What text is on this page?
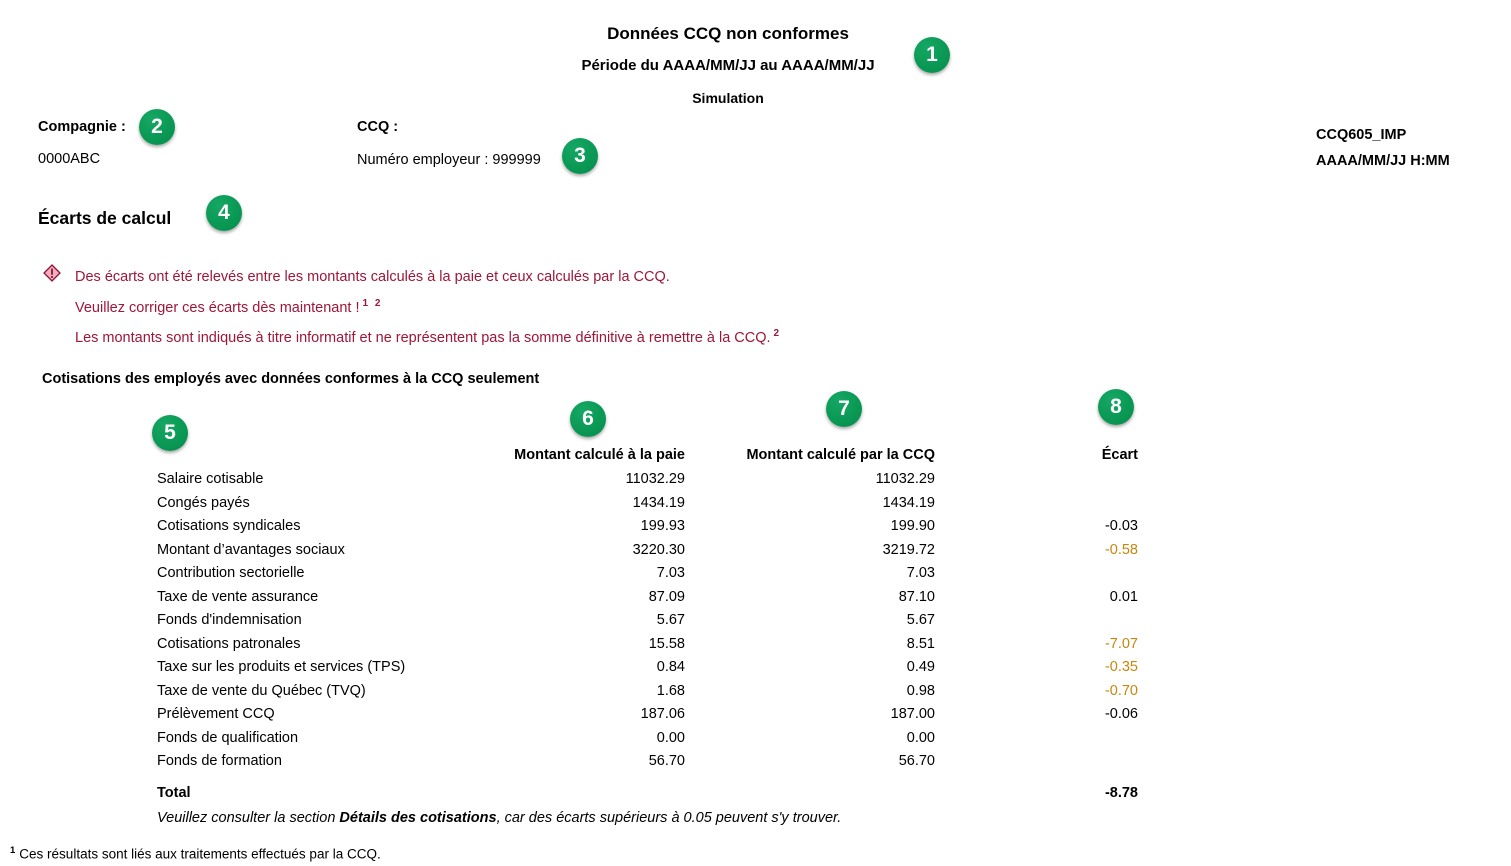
Données CCQ non conformes
Période du AAAA/MM/JJ au AAAA/MM/JJ
Simulation
Compagnie :
0000ABC
CCQ :
Numéro employeur : 999999
CCQ605_IMP
AAAA/MM/JJ H:MM
Écarts de calcul
Des écarts ont été relevés entre les montants calculés à la paie et ceux calculés par la CCQ.
Veuillez corriger ces écarts dès maintenant ! $^{1 2}$
Les montants sont indiqués à titre informatif et ne représentent pas la somme définitive à remettre à la CCQ. $^2$
Cotisations des employés avec données conformes à la CCQ seulement
	Montant calculé à la paie	Montant calculé par la CCQ	Écart
Salaire cotisable	11032.29	11032.29	
Congés payés	1434.19	1434.19	
Cotisations syndicales	199.93	199.90	-0.03
Montant d’avantages sociaux	3220.30	3219.72	-0.58
Contribution sectorielle	7.03	7.03	
Taxe de vente assurance	87.09	87.10	0.01
Fonds d'indemnisation	5.67	5.67	
Cotisations patronales	15.58	8.51	-7.07
Taxe sur les produits et services (TPS)	0.84	0.49	-0.35
Taxe de vente du Québec (TVQ)	1.68	0.98	-0.70
Prélèvement CCQ	187.06	187.00	-0.06
Fonds de qualification	0.00	0.00	
Fonds de formation	56.70	56.70	
Total			-8.78
Veuillez consulter la section Détails des cotisations, car des écarts supérieurs à 0.05 peuvent s'y trouver.
$^1$ Ces résultats sont liés aux traitements effectués par la CCQ.
1
2
3
4
5
6	7	8
